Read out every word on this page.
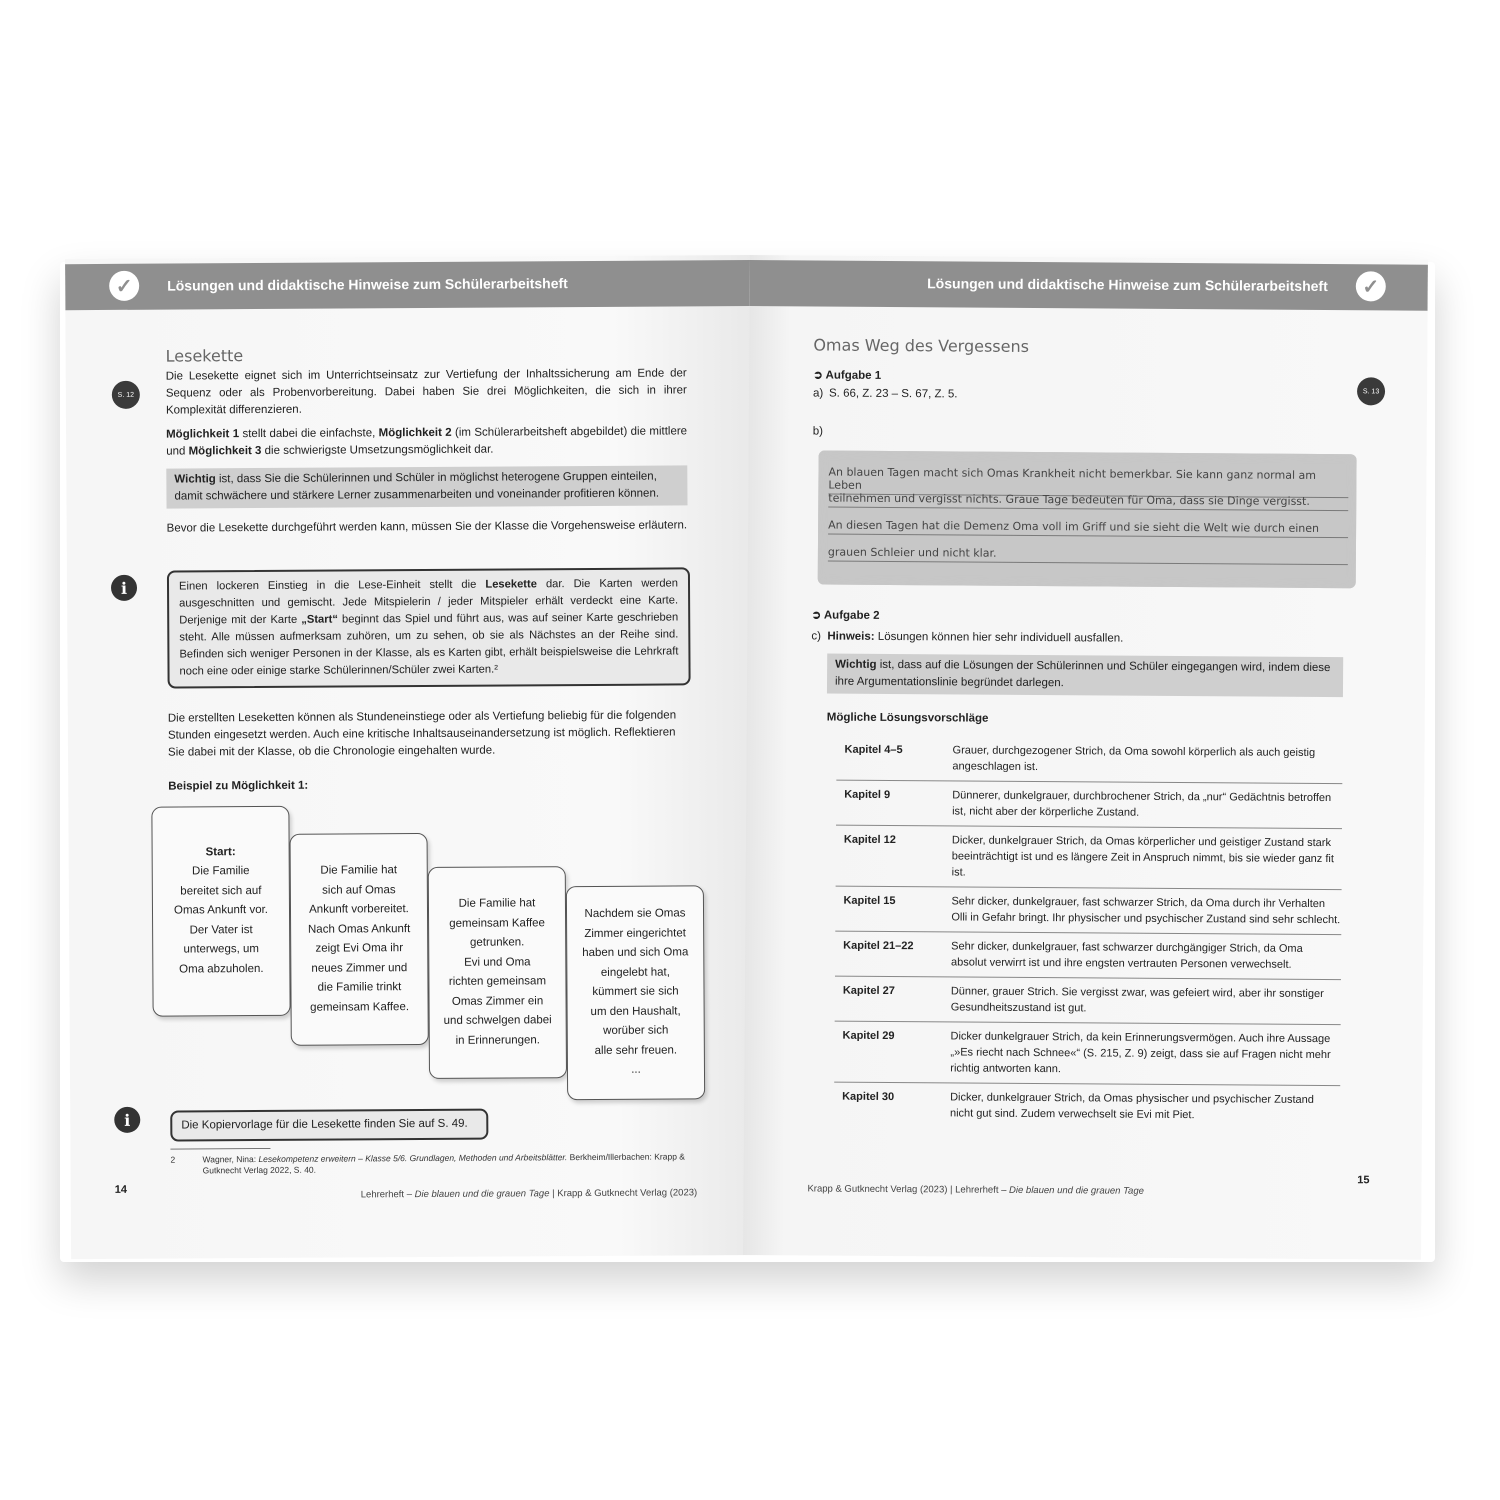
✓	Lösungen und didaktische Hinweise zum Schülerarbeitsheft
Lesekette
S. 12
Die Lesekette eignet sich im Unterrichtseinsatz zur Vertiefung der Inhaltssicherung am Ende der Sequenz oder als Probenvorbereitung. Dabei haben Sie drei Möglichkeiten, die sich in ihrer Komplexität differenzieren.
Möglichkeit 1 stellt dabei die einfachste, Möglichkeit 2 (im Schülerarbeitsheft abgebildet) die mittlere und Möglichkeit 3 die schwierigste Umsetzungsmöglichkeit dar.
Wichtig ist, dass Sie die Schülerinnen und Schüler in möglichst heterogene Gruppen einteilen, damit schwächere und stärkere Lerner zusammenarbeiten und voneinander profitieren können.
Bevor die Lesekette durchgeführt werden kann, müssen Sie der Klasse die Vorgehensweise erläutern.
i	Einen lockeren Einstieg in die Lese-Einheit stellt die Lesekette dar. Die Karten werden ausgeschnitten und gemischt. Jede Mitspielerin / jeder Mitspieler erhält verdeckt eine Karte. Derjenige mit der Karte „Start“ beginnt das Spiel und führt aus, was auf seiner Karte geschrieben steht. Alle müssen aufmerksam zuhören, um zu sehen, ob sie als Nächstes an der Reihe sind. Befinden sich weniger Personen in der Klasse, als es Karten gibt, erhält beispielsweise die Lehrkraft noch eine oder einige starke Schülerinnen/Schüler zwei Karten.²
Die erstellten Leseketten können als Stundeneinstiege oder als Vertiefung beliebig für die folgenden Stunden eingesetzt werden. Auch eine kritische Inhaltsauseinandersetzung ist möglich. Reflektieren Sie dabei mit der Klasse, ob die Chronologie eingehalten wurde.
Beispiel zu Möglichkeit 1:
Start:
Die Familie
bereitet sich auf
Omas Ankunft vor.
Der Vater ist
unterwegs, um
Oma abzuholen.
Die Familie hat
sich auf Omas
Ankunft vorbereitet.
Nach Omas Ankunft
zeigt Evi Oma ihr
neues Zimmer und
die Familie trinkt
gemeinsam Kaffee.
Die Familie hat
gemeinsam Kaffee
getrunken.
Evi und Oma
richten gemeinsam
Omas Zimmer ein
und schwelgen dabei
in Erinnerungen.
Nachdem sie Omas
Zimmer eingerichtet
haben und sich Oma
eingelebt hat,
kümmert sie sich
um den Haushalt,
worüber sich
alle sehr freuen.
...
i	Die Kopiervorlage für die Lesekette finden Sie auf S. 49.
2	Wagner, Nina: Lesekompetenz erweitern – Klasse 5/6. Grundlagen, Methoden und Arbeitsblätter. Berkheim/Illerbachen: Krapp & Gutknecht Verlag 2022, S. 40.
14	Lehrerheft – Die blauen und die grauen Tage | Krapp & Gutknecht Verlag (2023)
Lösungen und didaktische Hinweise zum Schülerarbeitsheft	✓
Omas Weg des Vergessens
S. 13
➲ Aufgabe 1
a) S. 66, Z. 23 – S. 67, Z. 5.
b)
An blauen Tagen macht sich Omas Krankheit nicht bemerkbar. Sie kann ganz normal am Leben
teilnehmen und vergisst nichts. Graue Tage bedeuten für Oma, dass sie Dinge vergisst.
An diesen Tagen hat die Demenz Oma voll im Griff und sie sieht die Welt wie durch einen
grauen Schleier und nicht klar.
➲ Aufgabe 2
c) Hinweis: Lösungen können hier sehr individuell ausfallen.
Wichtig ist, dass auf die Lösungen der Schülerinnen und Schüler eingegangen wird, indem diese ihre Argumentationslinie begründet darlegen.
Mögliche Lösungsvorschläge
Kapitel 4–5	Grauer, durchgezogener Strich, da Oma sowohl körperlich als auch geistig angeschlagen ist.
Kapitel 9	Dünnerer, dunkelgrauer, durchbrochener Strich, da „nur“ Gedächtnis betroffen ist, nicht aber der körperliche Zustand.
Kapitel 12	Dicker, dunkelgrauer Strich, da Omas körperlicher und geistiger Zustand stark beeinträchtigt ist und es längere Zeit in Anspruch nimmt, bis sie wieder ganz fit ist.
Kapitel 15	Sehr dicker, dunkelgrauer, fast schwarzer Strich, da Oma durch ihr Verhalten Olli in Gefahr bringt. Ihr physischer und psychischer Zustand sind sehr schlecht.
Kapitel 21–22	Sehr dicker, dunkelgrauer, fast schwarzer durchgängiger Strich, da Oma absolut verwirrt ist und ihre engsten vertrauten Personen verwechselt.
Kapitel 27	Dünner, grauer Strich. Sie vergisst zwar, was gefeiert wird, aber ihr sonstiger Gesundheitszustand ist gut.
Kapitel 29	Dicker dunkelgrauer Strich, da kein Erinnerungsvermögen. Auch ihre Aussage „»Es riecht nach Schnee«“ (S. 215, Z. 9) zeigt, dass sie auf Fragen nicht mehr richtig antworten kann.
Kapitel 30	Dicker, dunkelgrauer Strich, da Omas physischer und psychischer Zustand nicht gut sind. Zudem verwechselt sie Evi mit Piet.
15
Krapp & Gutknecht Verlag (2023) | Lehrerheft – Die blauen und die grauen Tage
